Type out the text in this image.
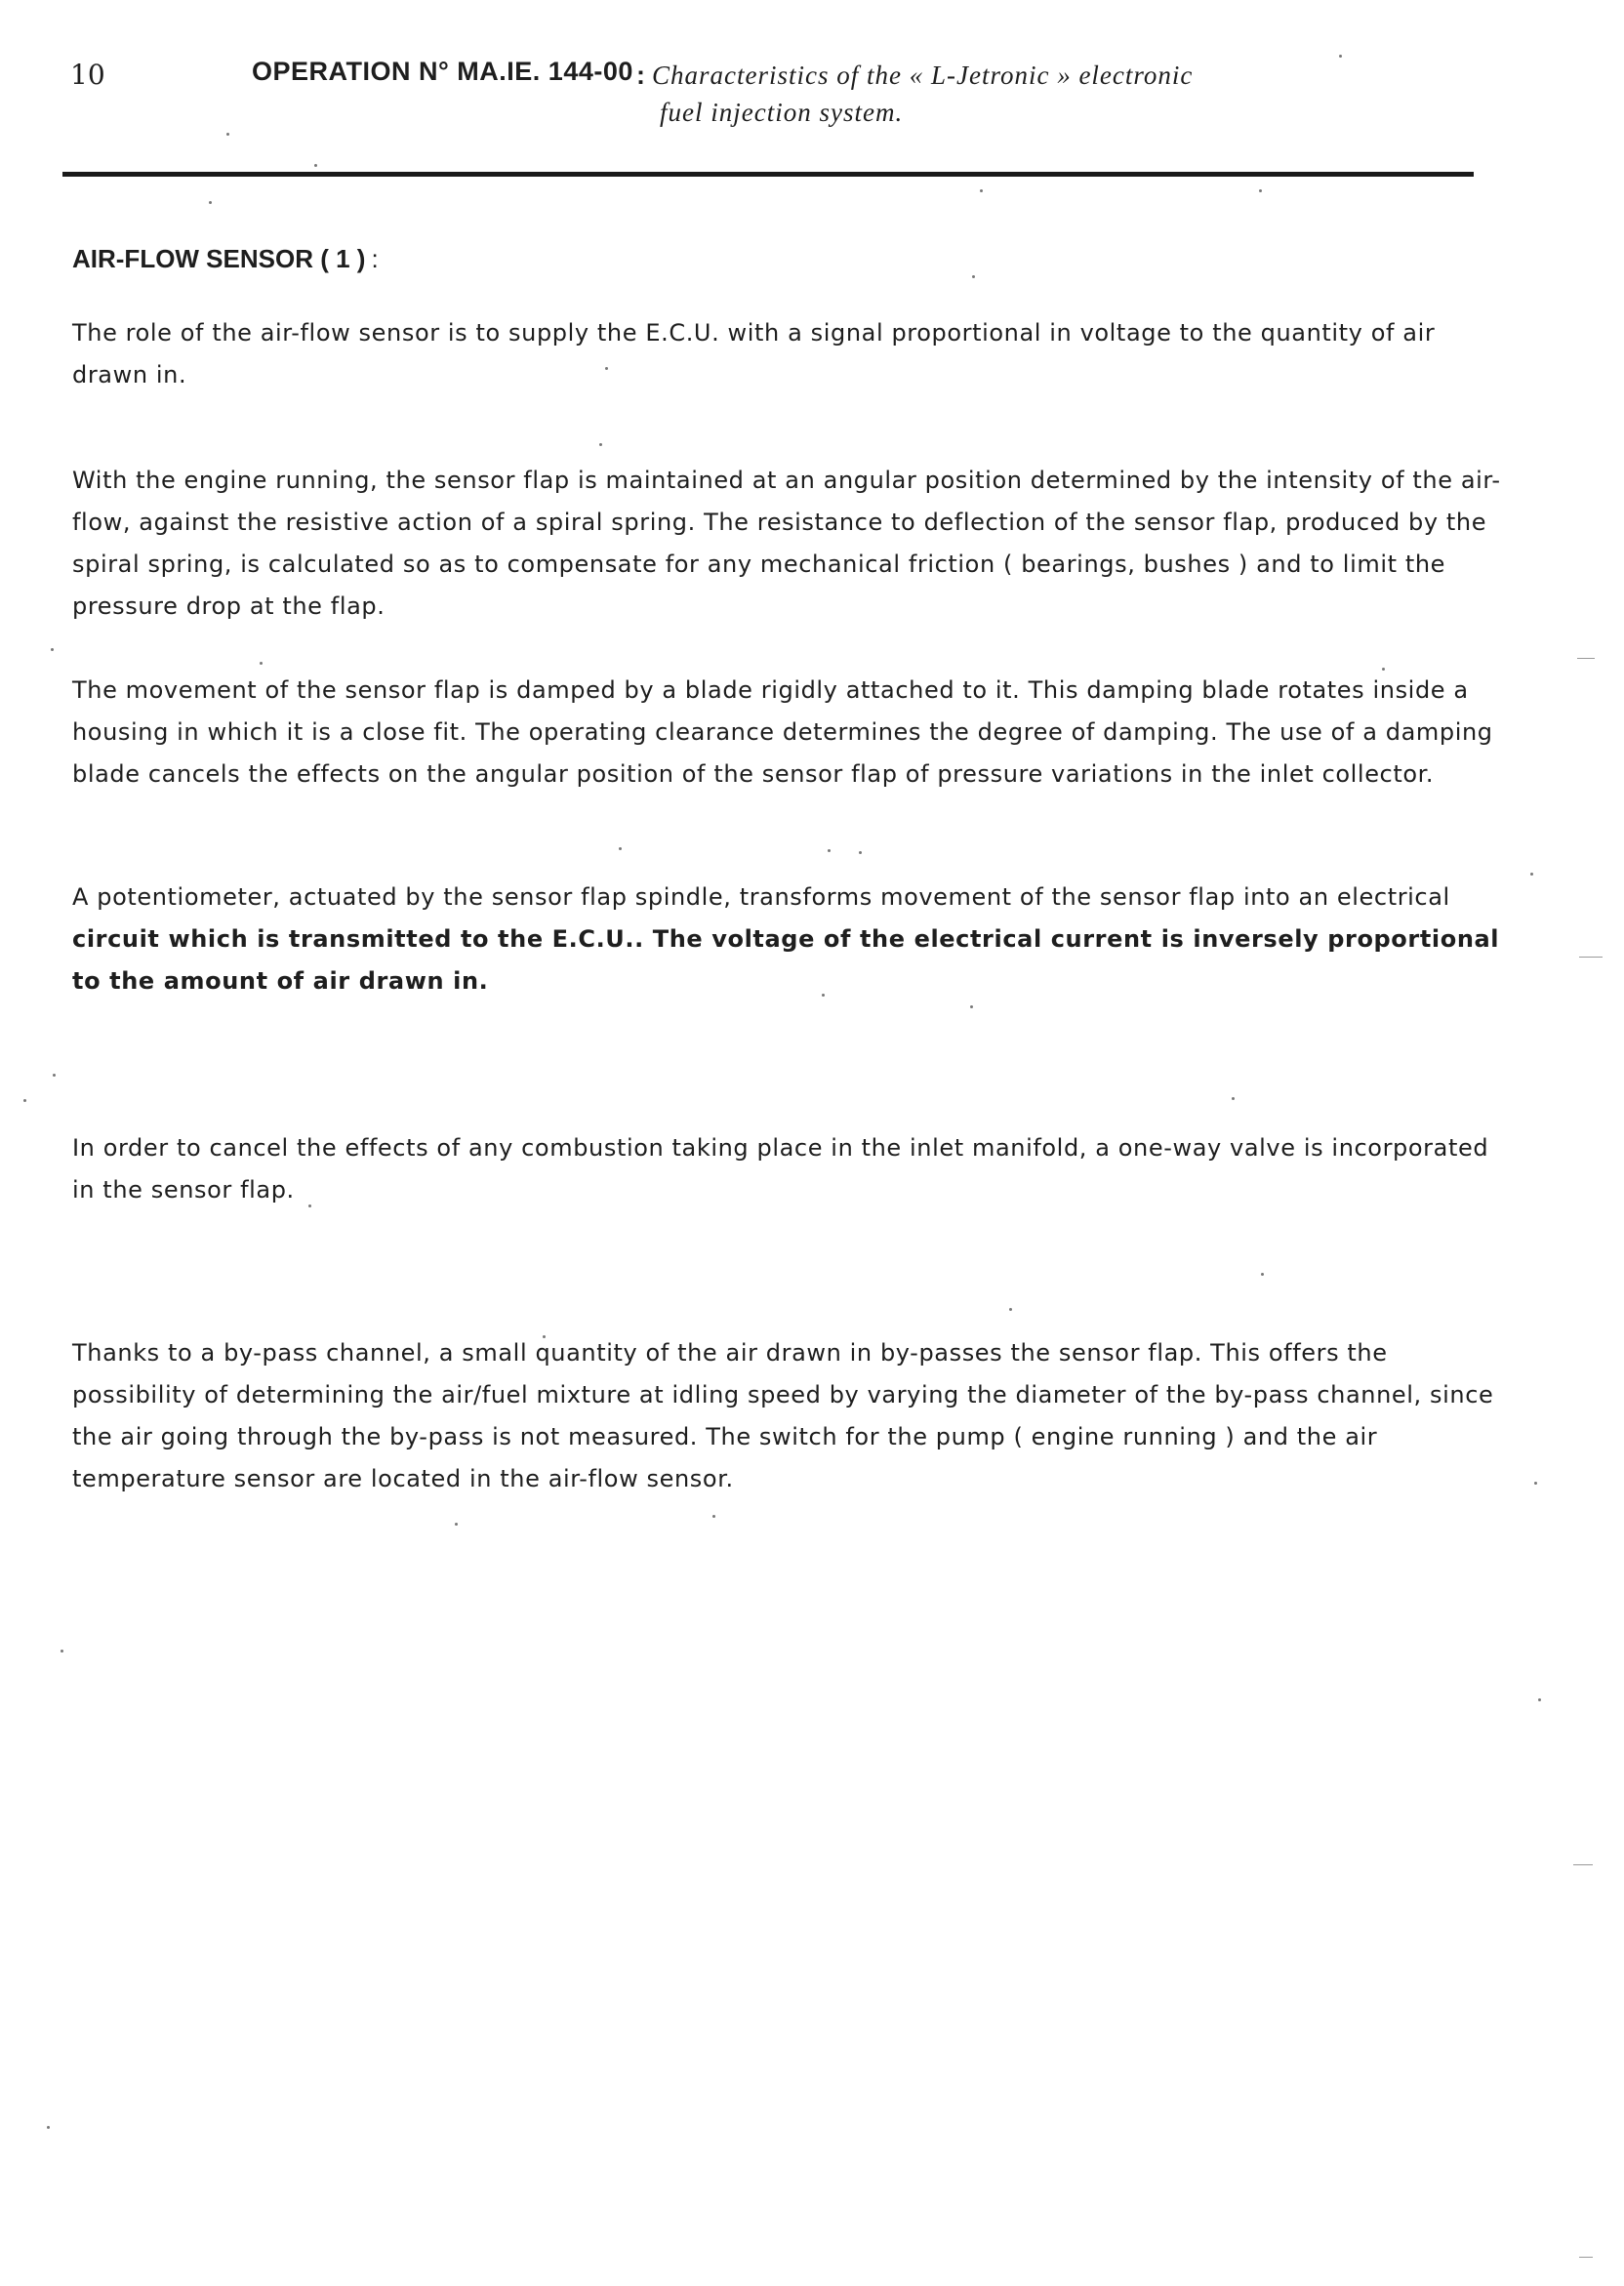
10	OPERATION N° MA.IE. 144-00 : Characteristics of the « L-Jetronic » electronic
fuel injection system.
AIR-FLOW SENSOR ( 1 ) :

The role of the air-flow sensor is to supply the E.C.U. with a signal proportional in voltage to the quantity of air drawn in.

With the engine running, the sensor flap is maintained at an angular position determined by the intensity of the air-flow, against the resistive action of a spiral spring. The resistance to deflection of the sensor flap, produced by the spiral spring, is calculated so as to compensate for any mechanical friction ( bearings, bushes ) and to limit the pressure drop at the flap.

The movement of the sensor flap is damped by a blade rigidly attached to it. This damping blade rotates inside a housing in which it is a close fit. The operating clearance determines the degree of damping. The use of a damping blade cancels the effects on the angular position of the sensor flap of pressure variations in the inlet collector.

A potentiometer, actuated by the sensor flap spindle, transforms movement of the sensor flap into an electrical circuit which is transmitted to the E.C.U.. The voltage of the electrical current is inversely proportional to the amount of air drawn in.

In order to cancel the effects of any combustion taking place in the inlet manifold, a one-way valve is incorporated in the sensor flap.

Thanks to a by-pass channel, a small quantity of the air drawn in by-passes the sensor flap. This offers the possibility of determining the air/fuel mixture at idling speed by varying the diameter of the by-pass channel, since the air going through the by-pass is not measured. The switch for the pump ( engine running ) and the air temperature sensor are located in the air-flow sensor.
